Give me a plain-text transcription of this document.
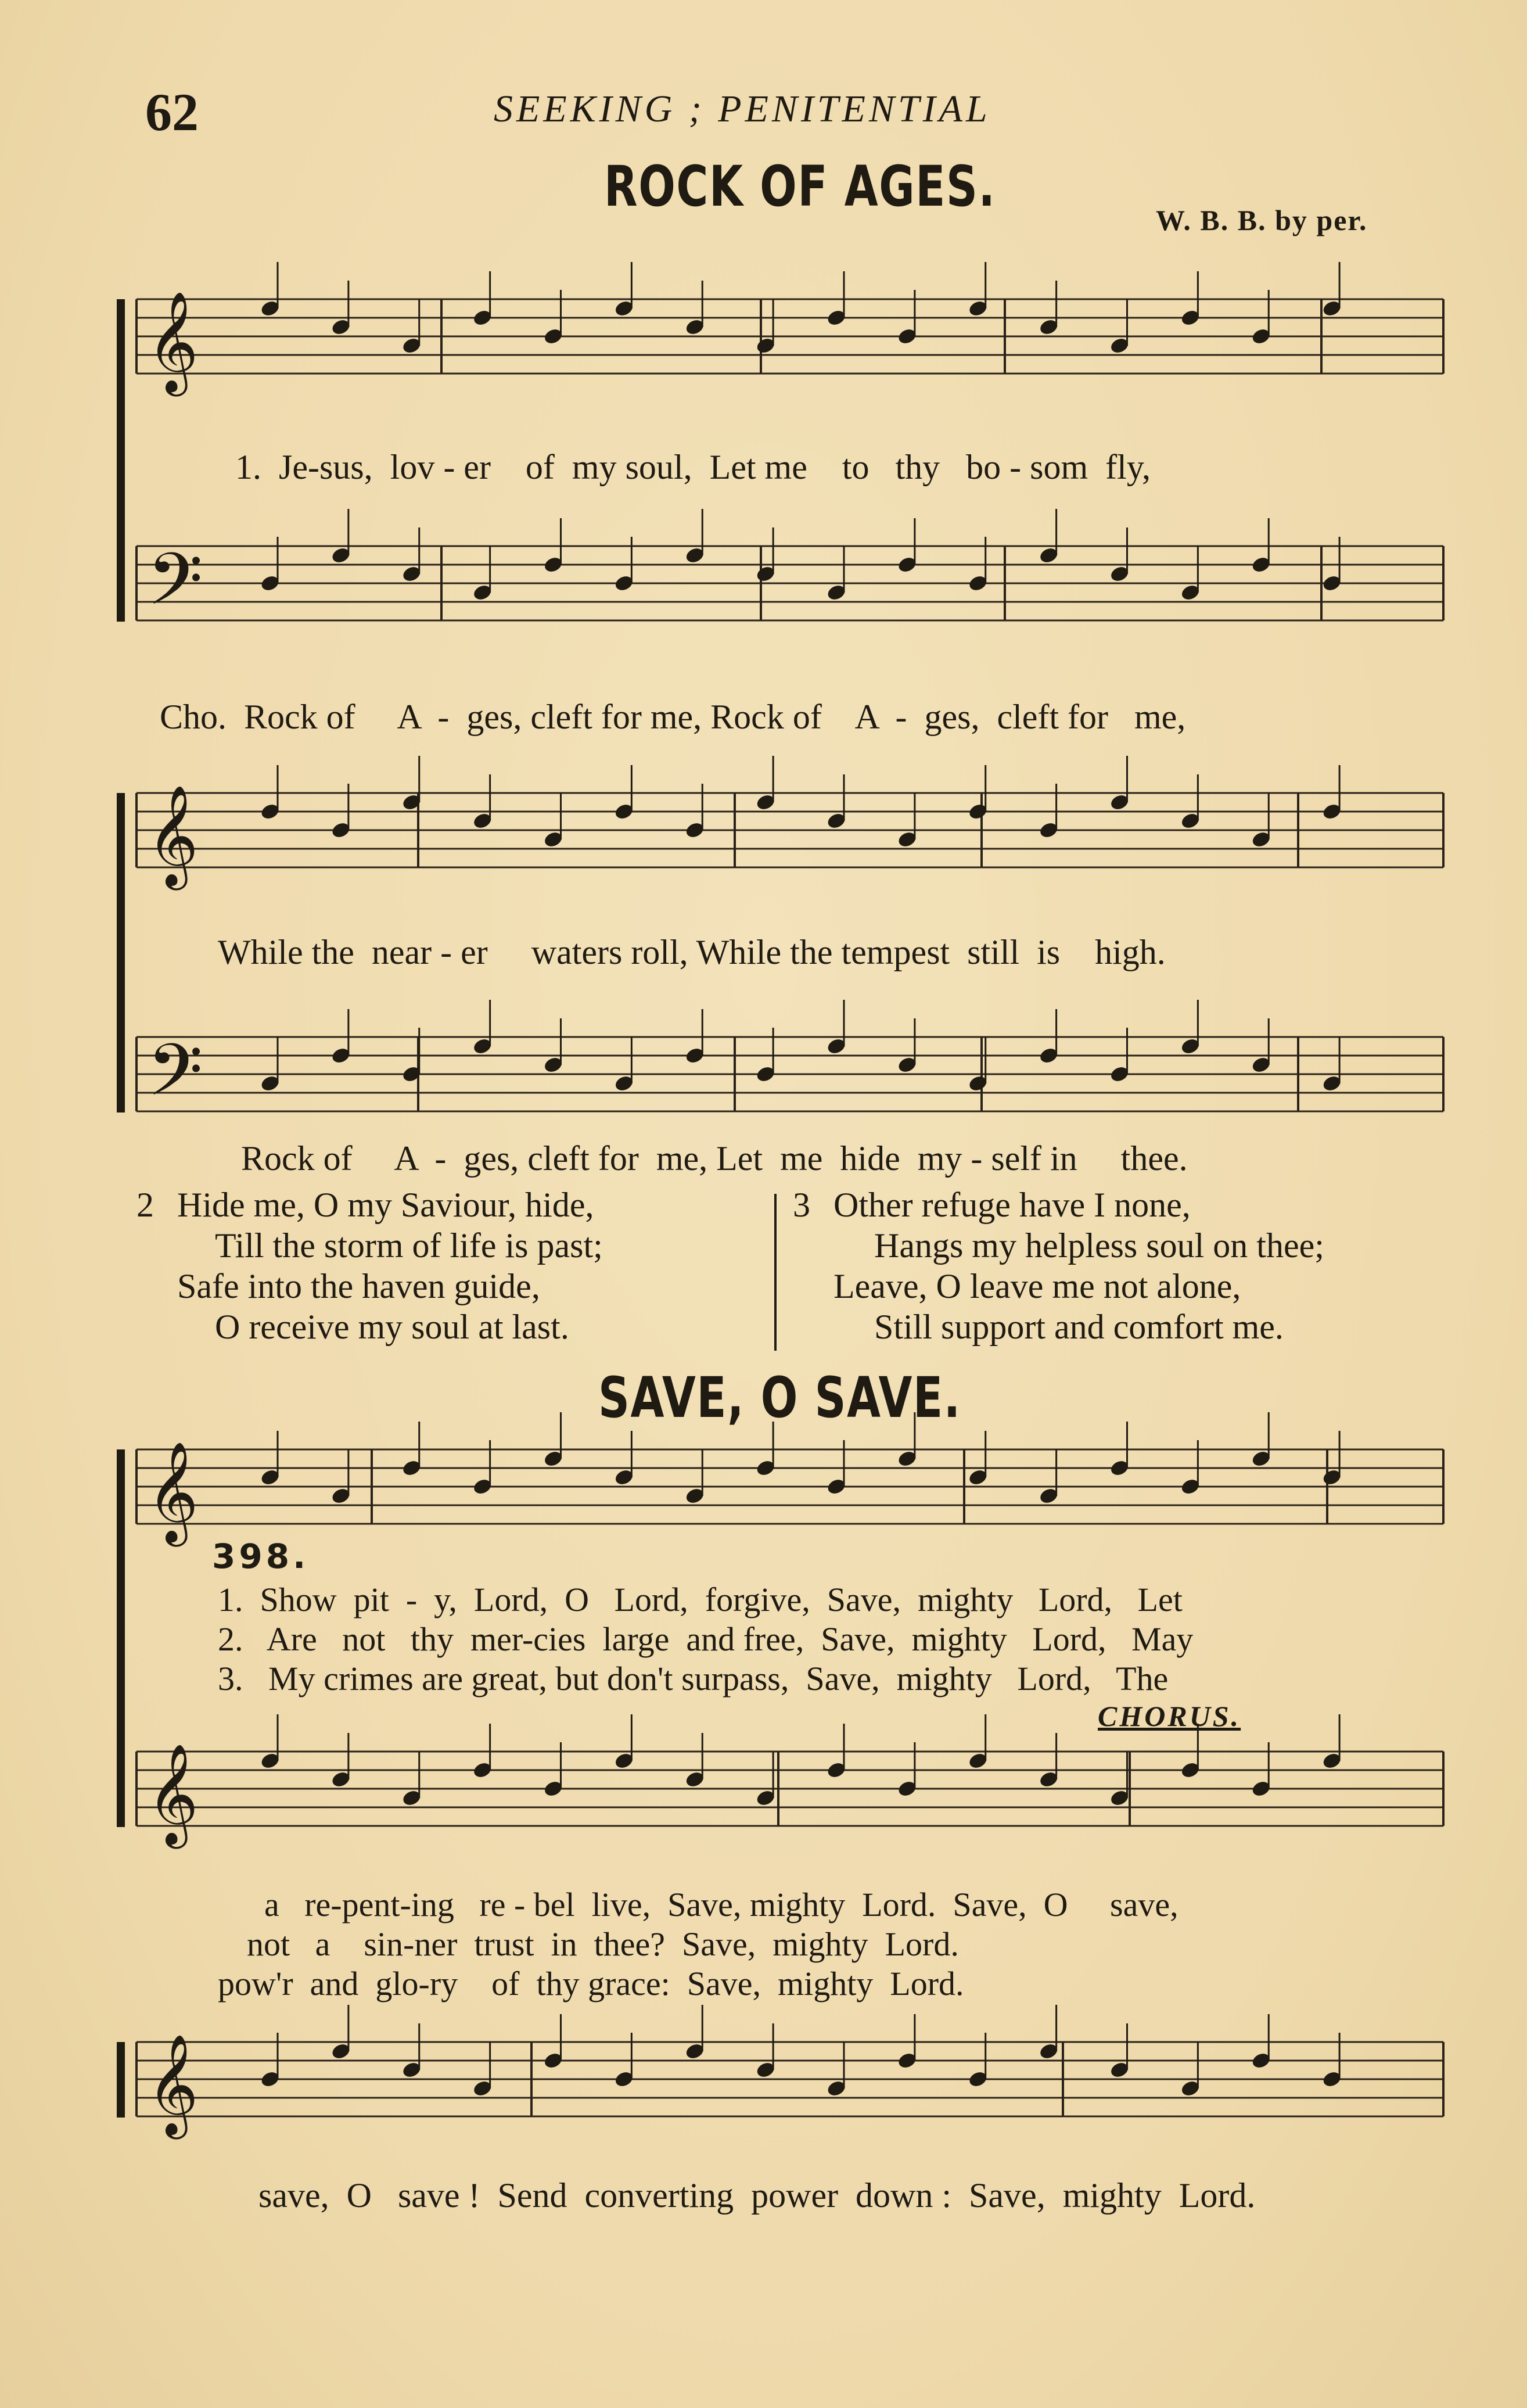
62	SEEKING ; PENITENTIAL
ROCK OF AGES.
W. B. B. by per.
𝄞
𝄢
𝄞
𝄢
𝄞
𝄞
𝄞
1.  Je-sus,  lov - er    of  my soul,  Let me    to   thy   bo - som  fly,
Cho.  Rock of     A  -  ges, cleft for me, Rock of    A  -  ges,  cleft for   me,
While the  near - er     waters roll, While the tempest  still  is    high.
Rock of     A  -  ges, cleft for  me, Let  me  hide  my - self in     thee.
2 Hide me, O my Saviour, hide,
Till the storm of life is past;
Safe into the haven guide,
O receive my soul at last.
3 Other refuge have I none,
Hangs my helpless soul on thee;
Leave, O leave me not alone,
Still support and comfort me.
SAVE, O SAVE.
398.
1.  Show  pit  -  y,  Lord,  O   Lord,  forgive,  Save,  mighty   Lord,   Let
2.   Are   not   thy  mer-cies  large  and free,  Save,  mighty   Lord,   May
3.   My crimes are great, but don't surpass,  Save,  mighty   Lord,   The
CHORUS.
a   re-pent-ing   re - bel  live,  Save, mighty  Lord.  Save,  O     save,
not   a    sin-ner  trust  in  thee?  Save,  mighty  Lord.
pow'r  and  glo-ry    of  thy grace:  Save,  mighty  Lord.
save,  O   save !  Send  converting  power  down :  Save,  mighty  Lord.
